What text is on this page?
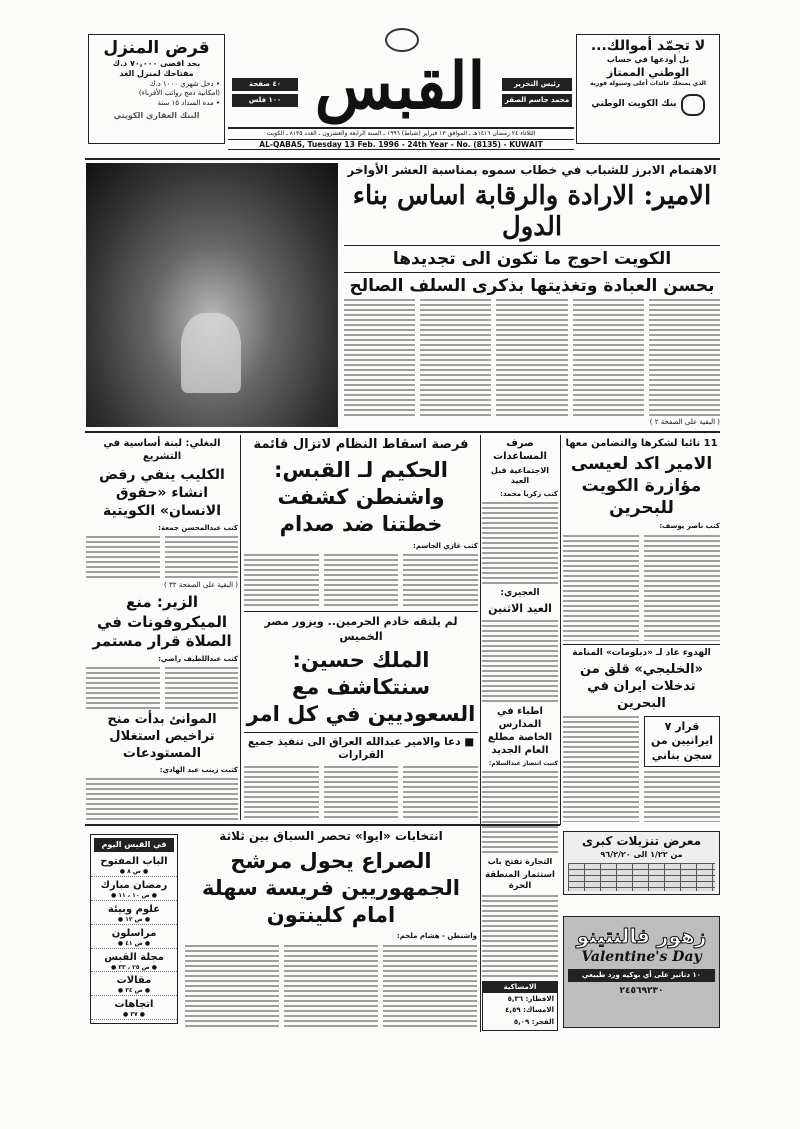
قرض المنزل
بحد اقصى ٧٠,٠٠٠ د.ك
مفتاحك لمنزل الغد
• دخل شهري ١٠٠٠ د.ك
(امكانية دمج رواتب الأقرباء)
• مدة السداد ١٥ سنة
البنك العقاري الكويتي
٤٠ صفحة
١٠٠ فلس القبس	رئيس التحرير
محمد جاسم الصقر
الثلاثاء ٢٤ رمضان ١٤١٦هـ ـ الموافق ١٣ فبراير (شباط) ١٩٩٦ ـ السنة الرابعة والعشرون ـ العدد ٨١٣٥ ـ الكويت
AL-QABAS, Tuesday 13 Feb. 1996 - 24th Year - No. (8135) - KUWAIT
لا تجمّد أموالك...
بل أودعها في حساب
الوطني الممتاز
الذي يمنحك عائدات أعلى وسيولة فورية
بنك الكويت الوطني
الاهتمام الابرز للشباب في خطاب سموه بمناسبة العشر الأواخر
الامير: الارادة والرقابة اساس بناء الدول
الكويت احوج ما تكون الى تجديدها
بحسن العبادة وتغذيتها بذكرى السلف الصالح
( البقية على الصفحة ٢ )
البغلي: لبنة أساسية في التشريع
الكليب ينفي رفض انشاء «حقوق الانسان» الكويتية
كتب عبدالمحسن جمعة:
( البقية على الصفحة ٣٢ )
الزير: منع الميكروفونات في الصلاة قرار مستمر
كتب عبداللطيف راضي:
الموانئ بدأت منح تراخيص استغلال المستودعات
كتبت زينب عبد الهادي:
فرصة اسقاط النظام لاتزال قائمة
الحكيم لـ القبس: واشنطن كشفت خطتنا ضد صدام
كتب غازي الجاسم:
لم يلتقه خادم الحرمين.. ويزور مصر الخميس
الملك حسين: سنتكاشف مع السعوديين في كل امر
■ دعا والامير عبدالله العراق الى تنفيذ جميع القرارات
صرف المساعدات
الاجتماعية قبل العيد
كتب زكريا محمد:
العجيري:
العيد الاثنين
اطباء في المدارس الخاصة مطلع العام الجديد
كتبت انتصار عبدالسلام:
التجارة تفتح باب
استثمار المنطقة الحرة
الامساكية
الافطار: ٥,٣٦
الامساك: ٤,٥٩
الفجر: ٥,٠٩
11 نائبا لشكرها والتضامن معها
الامير اكد لعيسى مؤازرة الكويت للبحرين
كتب ناصر يوسف:
الهدوء عاد لـ «دبلومات» المنامة
«الخليجي» قلق من تدخلات ايران في البحرين
قرار ٧ ايرانيين من سجن بناني
في القبس اليوم
الباب المفتوح
● ص ٨ ●
رمضان مبارك
● ص ١٠ ، ١١ ●
علوم وبيئة
● ص ١٢ ●
مراسلون
● ص ٤١ ●
مجلة القبس
● ص ٢٥ ، ٣٣ ●
مقالات
● ص ٣٤ ●
اتجاهات
● ٣٧ ●
انتخابات «ايوا» تحصر السباق بين ثلاثة
الصراع يحول مرشح الجمهوريين فريسة سهلة امام كلينتون
واشنطن - هشام ملحم:
معرض تنزيلات كبرى
من ١/٢٢ الى ٩٦/٢/٢٠
زهور فالنتينو
Valentine's Day
١٠ دنانير على أي بوكيه ورد طبيعي
٢٤٥٦٩٢٣٠
